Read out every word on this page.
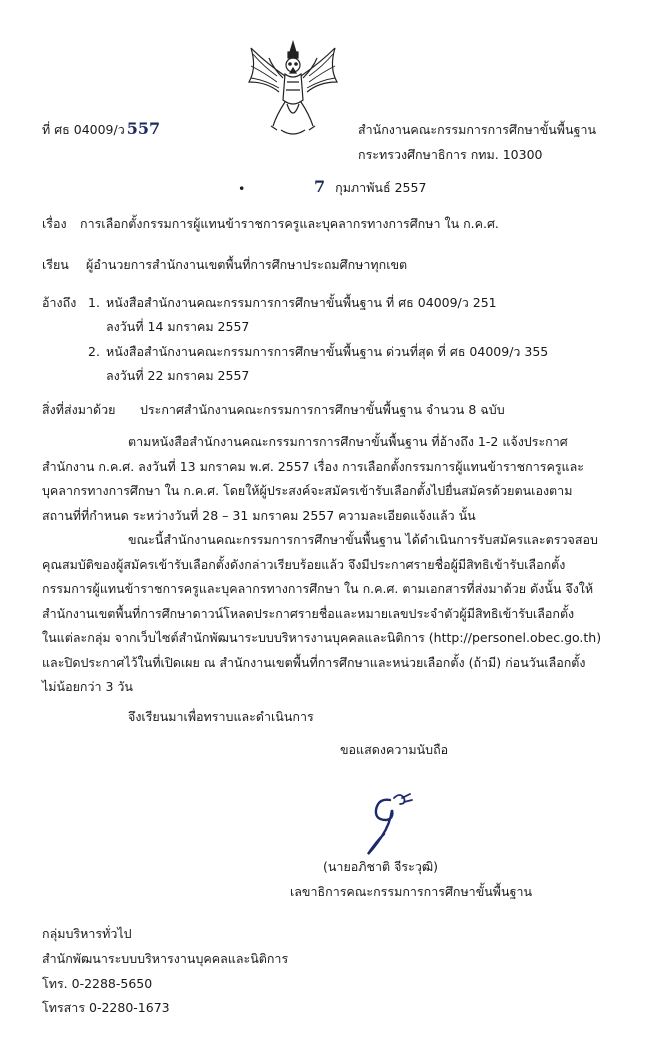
ที่ ศธ 04009/ว 557	สำนักงานคณะกรรมการการศึกษาขั้นพื้นฐาน
กระทรวงศึกษาธิการ กทม. 10300
•	7 กุมภาพันธ์ 2557
เรื่อง การเลือกตั้งกรรมการผู้แทนข้าราชการครูและบุคลากรทางการศึกษา ใน ก.ค.ศ.
เรียน ผู้อำนวยการสำนักงานเขตพื้นที่การศึกษาประถมศึกษาทุกเขต
อ้างถึง 1. หนังสือสำนักงานคณะกรรมการการศึกษาขั้นพื้นฐาน ที่ ศธ 04009/ว 251
ลงวันที่ 14 มกราคม 2557
2. หนังสือสำนักงานคณะกรรมการการศึกษาขั้นพื้นฐาน ด่วนที่สุด ที่ ศธ 04009/ว 355
ลงวันที่ 22 มกราคม 2557
สิ่งที่ส่งมาด้วย ประกาศสำนักงานคณะกรรมการการศึกษาขั้นพื้นฐาน จำนวน 8 ฉบับ
ตามหนังสือสำนักงานคณะกรรมการการศึกษาขั้นพื้นฐาน ที่อ้างถึง 1-2 แจ้งประกาศ
สำนักงาน ก.ค.ศ. ลงวันที่ 13 มกราคม พ.ศ. 2557 เรื่อง การเลือกตั้งกรรมการผู้แทนข้าราชการครูและ
บุคลากรทางการศึกษา ใน ก.ค.ศ. โดยให้ผู้ประสงค์จะสมัครเข้ารับเลือกตั้งไปยื่นสมัครด้วยตนเองตาม
สถานที่ที่กำหนด ระหว่างวันที่ 28 – 31 มกราคม 2557 ความละเอียดแจ้งแล้ว นั้น
ขณะนี้สำนักงานคณะกรรมการการศึกษาขั้นพื้นฐาน ได้ดำเนินการรับสมัครและตรวจสอบ
คุณสมบัติของผู้สมัครเข้ารับเลือกตั้งดังกล่าวเรียบร้อยแล้ว จึงมีประกาศรายชื่อผู้มีสิทธิเข้ารับเลือกตั้ง
กรรมการผู้แทนข้าราชการครูและบุคลากรทางการศึกษา ใน ก.ค.ศ. ตามเอกสารที่ส่งมาด้วย ดังนั้น จึงให้
สำนักงานเขตพื้นที่การศึกษาดาวน์โหลดประกาศรายชื่อและหมายเลขประจำตัวผู้มีสิทธิเข้ารับเลือกตั้ง
ในแต่ละกลุ่ม จากเว็บไซต์สำนักพัฒนาระบบบริหารงานบุคคลและนิติการ (http://personel.obec.go.th)
และปิดประกาศไว้ในที่เปิดเผย ณ สำนักงานเขตพื้นที่การศึกษาและหน่วยเลือกตั้ง (ถ้ามี) ก่อนวันเลือกตั้ง
ไม่น้อยกว่า 3 วัน
จึงเรียนมาเพื่อทราบและดำเนินการ
ขอแสดงความนับถือ
(นายอภิชาติ จีระวุฒิ)
เลขาธิการคณะกรรมการการศึกษาขั้นพื้นฐาน
กลุ่มบริหารทั่วไป
สำนักพัฒนาระบบบริหารงานบุคคลและนิติการ
โทร. 0-2288-5650
โทรสาร 0-2280-1673
